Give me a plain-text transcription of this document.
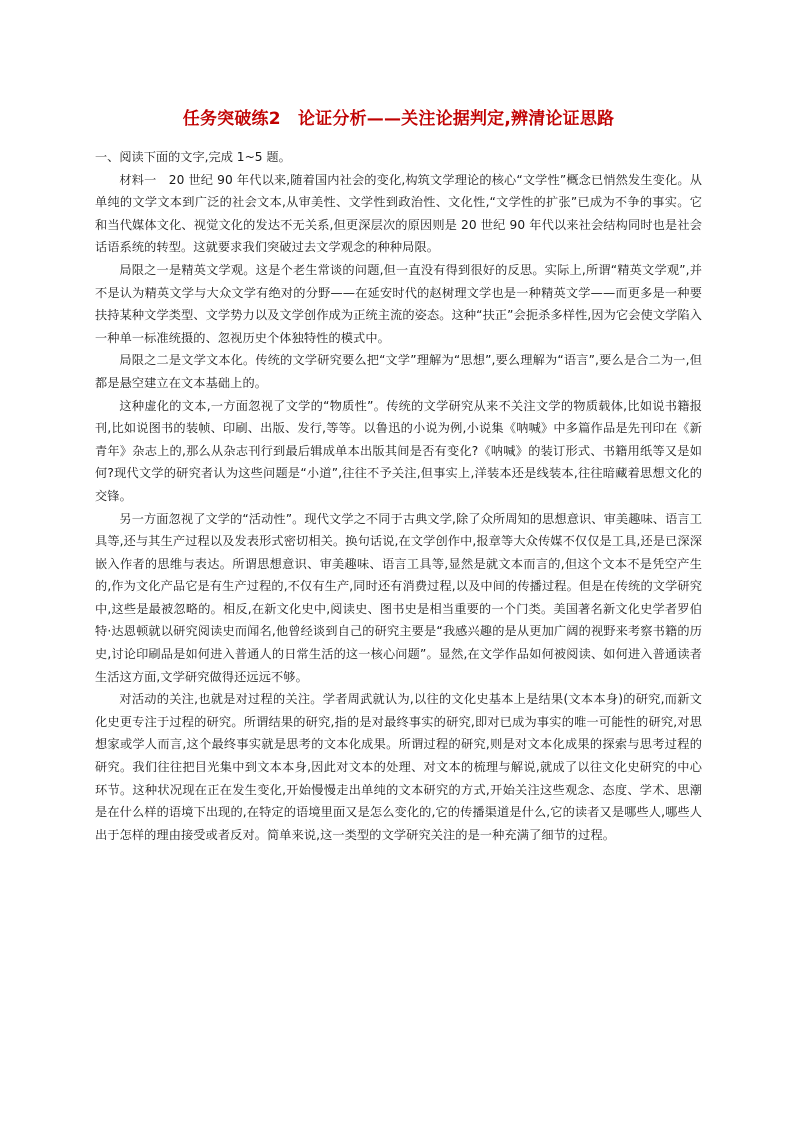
任务突破练2　论证分析——关注论据判定,辨清论证思路

一、阅读下面的文字,完成 1~5 题。

材料一　20 世纪 90 年代以来,随着国内社会的变化,构筑文学理论的核心“文学性”概念已悄然发生变化。从单纯的文学文本到广泛的社会文本,从审美性、文学性到政治性、文化性,“文学性的扩张”已成为不争的事实。它和当代媒体文化、视觉文化的发达不无关系,但更深层次的原因则是 20 世纪 90 年代以来社会结构同时也是社会话语系统的转型。这就要求我们突破过去文学观念的种种局限。

局限之一是精英文学观。这是个老生常谈的问题,但一直没有得到很好的反思。实际上,所谓“精英文学观”,并不是认为精英文学与大众文学有绝对的分野——在延安时代的赵树理文学也是一种精英文学——而更多是一种要扶持某种文学类型、文学势力以及文学创作成为正统主流的姿态。这种“扶正”会扼杀多样性,因为它会使文学陷入一种单一标准统摄的、忽视历史个体独特性的模式中。

局限之二是文学文本化。传统的文学研究要么把“文学”理解为“思想”,要么理解为“语言”,要么是合二为一,但都是悬空建立在文本基础上的。

这种虚化的文本,一方面忽视了文学的“物质性”。传统的文学研究从来不关注文学的物质载体,比如说书籍报刊,比如说图书的装帧、印刷、出版、发行,等等。以鲁迅的小说为例,小说集《呐喊》中多篇作品是先刊印在《新青年》杂志上的,那么从杂志刊行到最后辑成单本出版其间是否有变化?《呐喊》的装订形式、书籍用纸等又是如何?现代文学的研究者认为这些问题是“小道”,往往不予关注,但事实上,洋装本还是线装本,往往暗藏着思想文化的交锋。

另一方面忽视了文学的“活动性”。现代文学之不同于古典文学,除了众所周知的思想意识、审美趣味、语言工具等,还与其生产过程以及发表形式密切相关。换句话说,在文学创作中,报章等大众传媒不仅仅是工具,还是已深深嵌入作者的思维与表达。所谓思想意识、审美趣味、语言工具等,显然是就文本而言的,但这个文本不是凭空产生的,作为文化产品它是有生产过程的,不仅有生产,同时还有消费过程,以及中间的传播过程。但是在传统的文学研究中,这些是最被忽略的。相反,在新文化史中,阅读史、图书史是相当重要的一个门类。美国著名新文化史学者罗伯特·达恩顿就以研究阅读史而闻名,他曾经谈到自己的研究主要是“我感兴趣的是从更加广阔的视野来考察书籍的历史,讨论印刷品是如何进入普通人的日常生活的这一核心问题”。显然,在文学作品如何被阅读、如何进入普通读者生活这方面,文学研究做得还远远不够。

对活动的关注,也就是对过程的关注。学者周武就认为,以往的文化史基本上是结果(文本本身)的研究,而新文化史更专注于过程的研究。所谓结果的研究,指的是对最终事实的研究,即对已成为事实的唯一可能性的研究,对思想家或学人而言,这个最终事实就是思考的文本化成果。所谓过程的研究,则是对文本化成果的探索与思考过程的研究。我们往往把目光集中到文本本身,因此对文本的处理、对文本的梳理与解说,就成了以往文化史研究的中心环节。这种状况现在正在发生变化,开始慢慢走出单纯的文本研究的方式,开始关注这些观念、态度、学术、思潮是在什么样的语境下出现的,在特定的语境里面又是怎么变化的,它的传播渠道是什么,它的读者又是哪些人,哪些人出于怎样的理由接受或者反对。简单来说,这一类型的文学研究关注的是一种充满了细节的过程。
